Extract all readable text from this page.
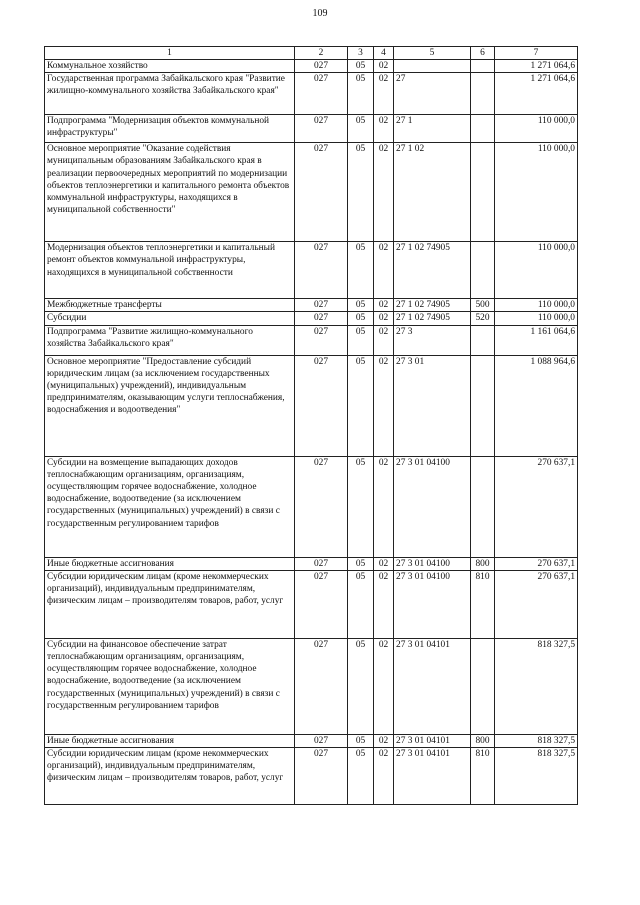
109
1	2	3	4	5	6	7
Коммунальное хозяйство	027	05	02			1 271 064,6
Государственная программа Забайкальского края "Развитие жилищно-коммунального хозяйства Забайкальского края"	027	05	02	27		1 271 064,6
Подпрограмма "Модернизация объектов коммунальной инфраструктуры"	027	05	02	27 1		110 000,0
Основное мероприятие "Оказание содействия муниципальным образованиям Забайкальского края в реализации первоочередных мероприятий по модернизации объектов теплоэнергетики и капитального ремонта объектов коммунальной инфраструктуры, находящихся в муниципальной собственности"	027	05	02	27 1 02		110 000,0
Модернизация объектов теплоэнергетики и капитальный ремонт объектов коммунальной инфраструктуры, находящихся в муниципальной собственности	027	05	02	27 1 02 74905		110 000,0
Межбюджетные трансферты	027	05	02	27 1 02 74905	500	110 000,0
Субсидии	027	05	02	27 1 02 74905	520	110 000,0
Подпрограмма "Развитие жилищно-коммунального хозяйства Забайкальского края"	027	05	02	27 3		1 161 064,6
Основное мероприятие "Предоставление субсидий юридическим лицам (за исключением государственных (муниципальных) учреждений), индивидуальным предпринимателям, оказывающим услуги теплоснабжения, водоснабжения и водоотведения"	027	05	02	27 3 01		1 088 964,6
Субсидии на возмещение выпадающих доходов теплоснабжающим организациям, организациям, осуществляющим горячее водоснабжение, холодное водоснабжение, водоотведение (за исключением государственных (муниципальных) учреждений) в связи с государственным регулированием тарифов	027	05	02	27 3 01 04100		270 637,1
Иные бюджетные ассигнования	027	05	02	27 3 01 04100	800	270 637,1
Субсидии юридическим лицам (кроме некоммерческих организаций), индивидуальным предпринимателям, физическим лицам – производителям товаров, работ, услуг	027	05	02	27 3 01 04100	810	270 637,1
Субсидии на финансовое обеспечение затрат теплоснабжающим организациям, организациям, осуществляющим горячее водоснабжение, холодное водоснабжение, водоотведение (за исключением государственных (муниципальных) учреждений) в связи с государственным регулированием тарифов	027	05	02	27 3 01 04101		818 327,5
Иные бюджетные ассигнования	027	05	02	27 3 01 04101	800	818 327,5
Субсидии юридическим лицам (кроме некоммерческих организаций), индивидуальным предпринимателям, физическим лицам – производителям товаров, работ, услуг	027	05	02	27 3 01 04101	810	818 327,5
